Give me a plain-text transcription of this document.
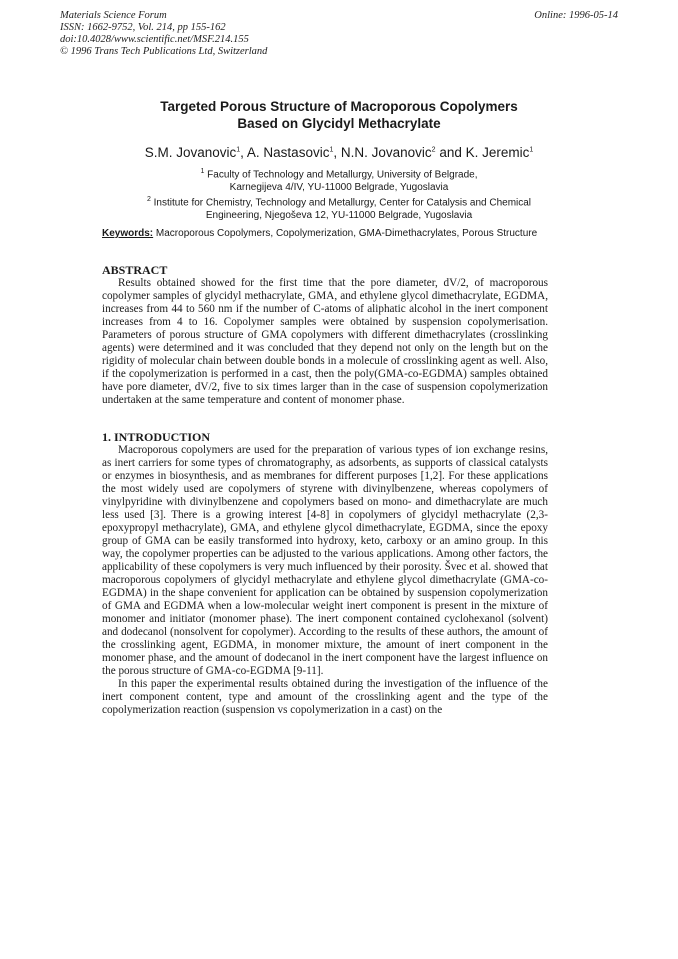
Materials Science Forum
ISSN: 1662-9752, Vol. 214, pp 155-162
doi:10.4028/www.scientific.net/MSF.214.155
© 1996 Trans Tech Publications Ltd, Switzerland
Online: 1996-05-14
Targeted Porous Structure of Macroporous Copolymers
Based on Glycidyl Methacrylate
S.M. Jovanovic$^1$, A. Nastasovic$^1$, N.N. Jovanovic$^2$ and K. Jeremic$^1$
$^1$ Faculty of Technology and Metallurgy, University of Belgrade,
Karnegijeva 4/IV, YU-11000 Belgrade, Yugoslavia
$^2$ Institute for Chemistry, Technology and Metallurgy, Center for Catalysis and Chemical
Engineering, Njegoševa 12, YU-11000 Belgrade, Yugoslavia
Keywords: Macroporous Copolymers, Copolymerization, GMA-Dimethacrylates, Porous Structure
ABSTRACT

Results obtained showed for the first time that the pore diameter, dV/2, of macroporous copolymer samples of glycidyl methacrylate, GMA, and ethylene glycol dimethacrylate, EGDMA, increases from 44 to 560 nm if the number of C-atoms of aliphatic alcohol in the inert component increases from 4 to 16. Copolymer samples were obtained by suspension copolymerisation. Parameters of porous structure of GMA copolymers with different dimethacrylates (crosslinking agents) were determined and it was concluded that they depend not only on the length but on the rigidity of molecular chain between double bonds in a molecule of crosslinking agent as well. Also, if the copolymerization is performed in a cast, then the poly(GMA-co-EGDMA) samples obtained have pore diameter, dV/2, five to six times larger than in the case of suspension copolymerization undertaken at the same temperature and content of monomer phase.

1. INTRODUCTION

Macroporous copolymers are used for the preparation of various types of ion exchange resins, as inert carriers for some types of chromatography, as adsorbents, as supports of classical catalysts or enzymes in biosynthesis, and as membranes for different purposes [1,2]. For these applications the most widely used are copolymers of styrene with divinylbenzene, whereas copolymers of vinylpyridine with divinylbenzene and copolymers based on mono- and dimethacrylate are much less used [3]. There is a growing interest [4-8] in copolymers of glycidyl methacrylate (2,3-epoxypropyl methacrylate), GMA, and ethylene glycol dimethacrylate, EGDMA, since the epoxy group of GMA can be easily transformed into hydroxy, keto, carboxy or an amino group. In this way, the copolymer properties can be adjusted to the various applications. Among other factors, the applicability of these copolymers is very much influenced by their porosity. Švec et al. showed that macroporous copolymers of glycidyl methacrylate and ethylene glycol dimethacrylate (GMA-co-EGDMA) in the shape convenient for application can be obtained by suspension copolymerization of GMA and EGDMA when a low-molecular weight inert component is present in the mixture of monomer and initiator (monomer phase). The inert component contained cyclohexanol (solvent) and dodecanol (nonsolvent for copolymer). According to the results of these authors, the amount of the crosslinking agent, EGDMA, in monomer mixture, the amount of inert component in the monomer phase, and the amount of dodecanol in the inert component have the largest influence on the porous structure of GMA-co-EGDMA [9-11].

In this paper the experimental results obtained during the investigation of the influence of the inert component content, type and amount of the crosslinking agent and the type of the copolymerization reaction (suspension vs copolymerization in a cast) on the
